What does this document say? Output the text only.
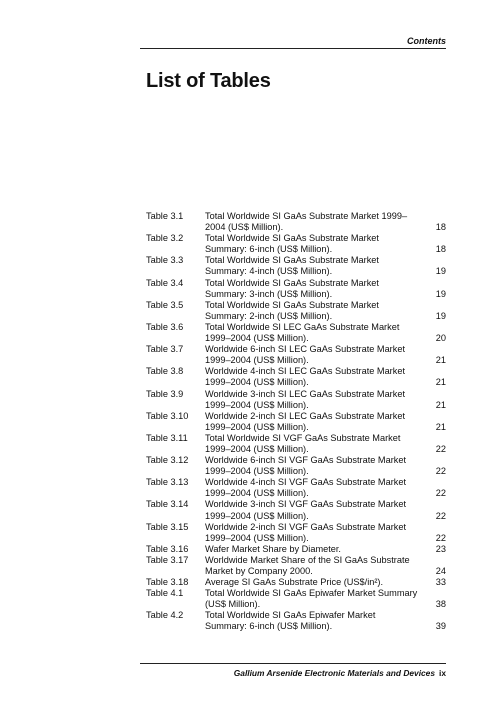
Contents
List of Tables
Table 3.1	Total Worldwide SI GaAs Substrate Market 1999–2004 (US$ Million).	18
Table 3.2	Total Worldwide SI GaAs Substrate Market Summary: 6-inch (US$ Million).	18
Table 3.3	Total Worldwide SI GaAs Substrate Market Summary: 4-inch (US$ Million).	19
Table 3.4	Total Worldwide SI GaAs Substrate Market Summary: 3-inch (US$ Million).	19
Table 3.5	Total Worldwide SI GaAs Substrate Market Summary: 2-inch (US$ Million).	19
Table 3.6	Total Worldwide SI LEC GaAs Substrate Market 1999–2004 (US$ Million).	20
Table 3.7	Worldwide 6-inch SI LEC GaAs Substrate Market 1999–2004 (US$ Million).	21
Table 3.8	Worldwide 4-inch SI LEC GaAs Substrate Market 1999–2004 (US$ Million).	21
Table 3.9	Worldwide 3-inch SI LEC GaAs Substrate Market 1999–2004 (US$ Million).	21
Table 3.10	Worldwide 2-inch SI LEC GaAs Substrate Market 1999–2004 (US$ Million).	21
Table 3.11	Total Worldwide SI VGF GaAs Substrate Market 1999–2004 (US$ Million).	22
Table 3.12	Worldwide 6-inch SI VGF GaAs Substrate Market 1999–2004 (US$ Million).	22
Table 3.13	Worldwide 4-inch SI VGF GaAs Substrate Market 1999–2004 (US$ Million).	22
Table 3.14	Worldwide 3-inch SI VGF GaAs Substrate Market 1999–2004 (US$ Million).	22
Table 3.15	Worldwide 2-inch SI VGF GaAs Substrate Market 1999–2004 (US$ Million).	22
Table 3.16	Wafer Market Share by Diameter.	23
Table 3.17	Worldwide Market Share of the SI GaAs Substrate Market by Company 2000.	24
Table 3.18	Average SI GaAs Substrate Price (US$/in²).	33
Table 4.1	Total Worldwide SI GaAs Epiwafer Market Summary (US$ Million).	38
Table 4.2	Total Worldwide SI GaAs Epiwafer Market Summary: 6-inch (US$ Million).	39
Gallium Arsenide Electronic Materials and Devices ix
